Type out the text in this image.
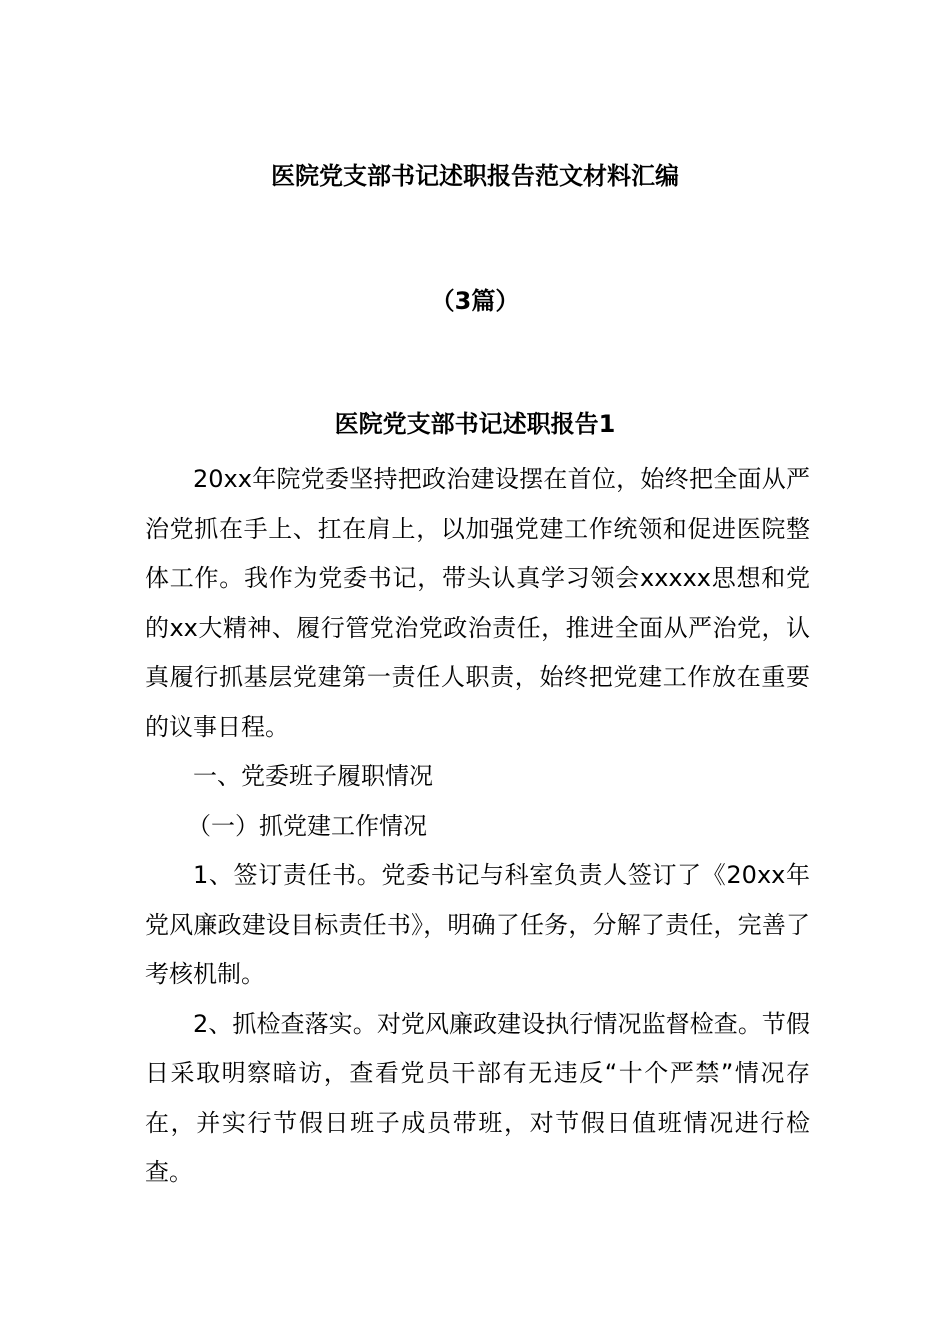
医院党支部书记述职报告范文材料汇编
（3篇）
医院党支部书记述职报告1

20xx年院党委坚持把政治建设摆在首位，始终把全面从严治党抓在手上、扛在肩上，以加强党建工作统领和促进医院整体工作。我作为党委书记，带头认真学习领会xxxxx思想和党的xx大精神、履行管党治党政治责任，推进全面从严治党，认真履行抓基层党建第一责任人职责，始终把党建工作放在重要的议事日程。

一、党委班子履职情况

（一）抓党建工作情况

1、签订责任书。党委书记与科室负责人签订了《20xx年党风廉政建设目标责任书》，明确了任务，分解了责任，完善了考核机制。

2、抓检查落实。对党风廉政建设执行情况监督检查。节假日采取明察暗访，查看党员干部有无违反“十个严禁”情况存在，并实行节假日班子成员带班，对节假日值班情况进行检查。
